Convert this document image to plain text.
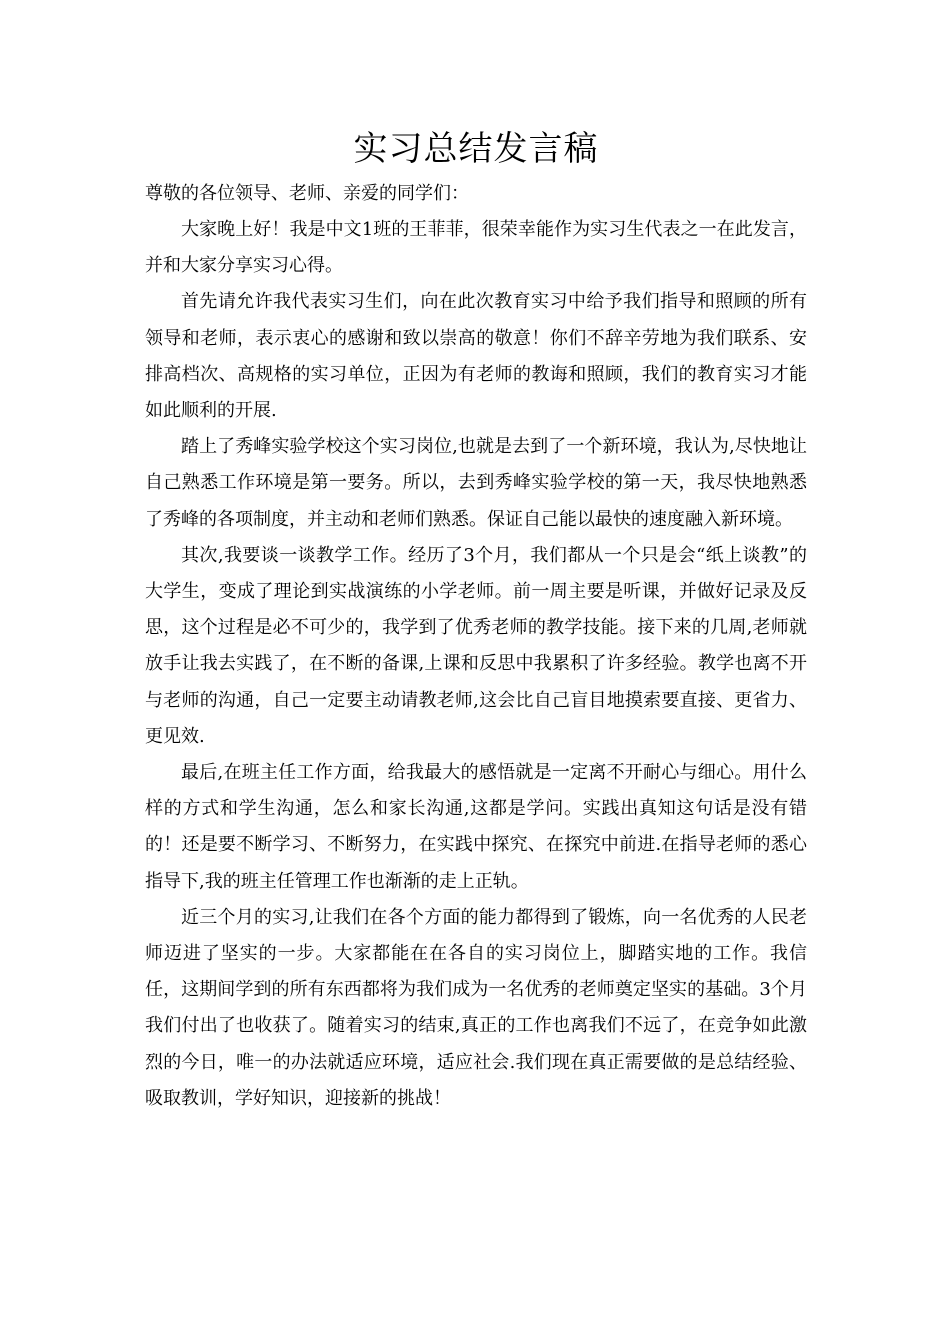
实习总结发言稿

尊敬的各位领导、老师、亲爱的同学们：

大家晚上好！我是中文1班的王菲菲，很荣幸能作为实习生代表之一在此发言，并和大家分享实习心得。

首先请允许我代表实习生们，向在此次教育实习中给予我们指导和照顾的所有领导和老师，表示衷心的感谢和致以崇高的敬意！你们不辞辛劳地为我们联系、安排高档次、高规格的实习单位，正因为有老师的教诲和照顾，我们的教育实习才能如此顺利的开展.

踏上了秀峰实验学校这个实习岗位,也就是去到了一个新环境，我认为,尽快地让自己熟悉工作环境是第一要务。所以，去到秀峰实验学校的第一天，我尽快地熟悉了秀峰的各项制度，并主动和老师们熟悉。保证自己能以最快的速度融入新环境。

其次,我要谈一谈教学工作。经历了3个月，我们都从一个只是会“纸上谈教”的大学生，变成了理论到实战演练的小学老师。前一周主要是听课，并做好记录及反思，这个过程是必不可少的，我学到了优秀老师的教学技能。接下来的几周,老师就放手让我去实践了，在不断的备课,上课和反思中我累积了许多经验。教学也离不开与老师的沟通，自己一定要主动请教老师,这会比自己盲目地摸索要直接、更省力、更见效.

最后,在班主任工作方面，给我最大的感悟就是一定离不开耐心与细心。用什么样的方式和学生沟通，怎么和家长沟通,这都是学问。实践出真知这句话是没有错的！还是要不断学习、不断努力，在实践中探究、在探究中前进.在指导老师的悉心指导下,我的班主任管理工作也渐渐的走上正轨。

近三个月的实习,让我们在各个方面的能力都得到了锻炼，向一名优秀的人民老师迈进了坚实的一步。大家都能在在各自的实习岗位上，脚踏实地的工作。我信任，这期间学到的所有东西都将为我们成为一名优秀的老师奠定坚实的基础。3个月我们付出了也收获了。随着实习的结束,真正的工作也离我们不远了，在竞争如此激烈的今日，唯一的办法就适应环境，适应社会.我们现在真正需要做的是总结经验、吸取教训，学好知识，迎接新的挑战！
